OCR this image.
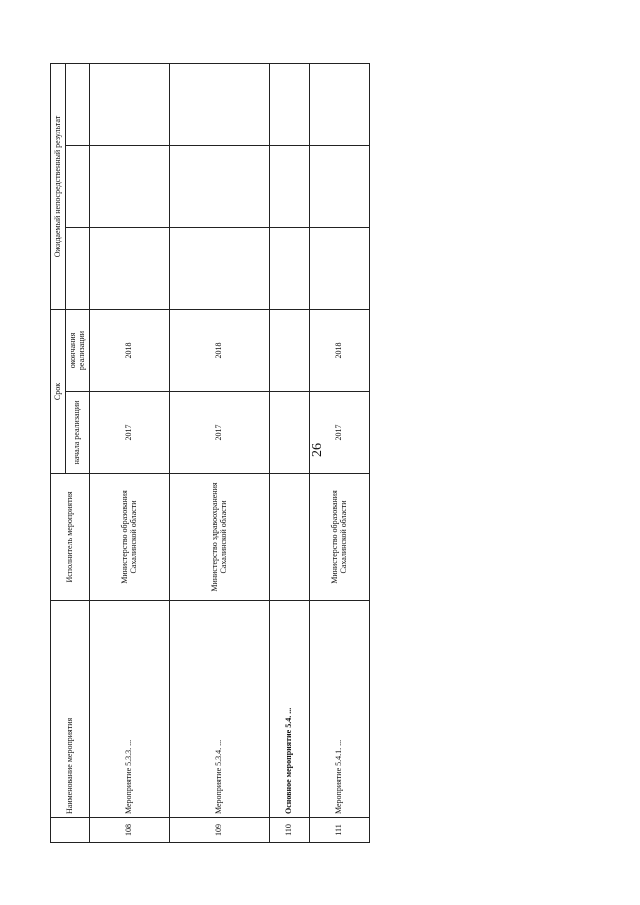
26
	Наименование мероприятия	Исполнитель мероприятия	Срок		Ожидаемый непосредственный результат		
			начала реализации	окончания реализации			
108	Мероприятие 5.3.3. ...	Министерство образования Сахалинской области	2017	2018			
109	Мероприятие 5.3.4. ...	Министерство здравоохранения Сахалинской области	2017	2018			
110	Основное мероприятие 5.4. ...						
111	Мероприятие 5.4.1. ...	Министерство образования Сахалинской области	2017	2018			
